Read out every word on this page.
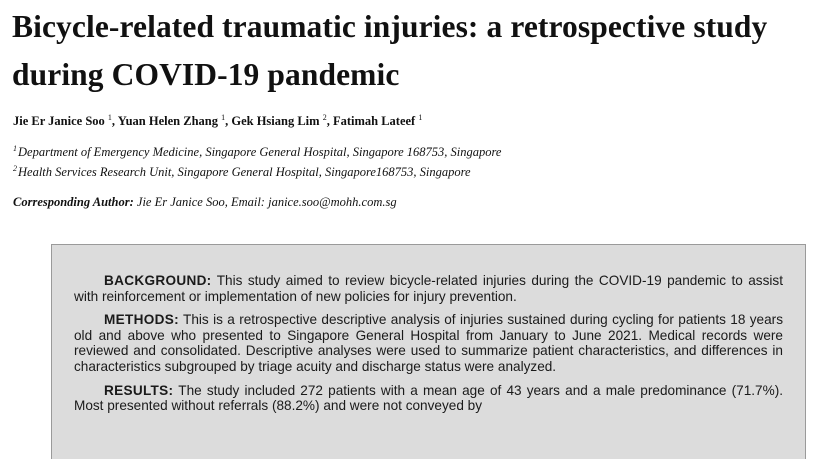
Bicycle-related traumatic injuries: a retrospective study during COVID-19 pandemic

Jie Er Janice Soo $^1$, Yuan Helen Zhang $^1$, Gek Hsiang Lim $^2$, Fatimah Lateef $^1$

$^1$Department of Emergency Medicine, Singapore General Hospital, Singapore 168753, Singapore
$^2$Health Services Research Unit, Singapore General Hospital, Singapore168753, Singapore

Corresponding Author: Jie Er Janice Soo, Email: janice.soo@mohh.com.sg

BACKGROUND: This study aimed to review bicycle-related injuries during the COVID-19 pandemic to assist with reinforcement or implementation of new policies for injury prevention.

METHODS: This is a retrospective descriptive analysis of injuries sustained during cycling for patients 18 years old and above who presented to Singapore General Hospital from January to June 2021. Medical records were reviewed and consolidated. Descriptive analyses were used to summarize patient characteristics, and differences in characteristics subgrouped by triage acuity and discharge status were analyzed.

RESULTS: The study included 272 patients with a mean age of 43 years and a male predominance (71.7%). Most presented without referrals (88.2%) and were not conveyed by
